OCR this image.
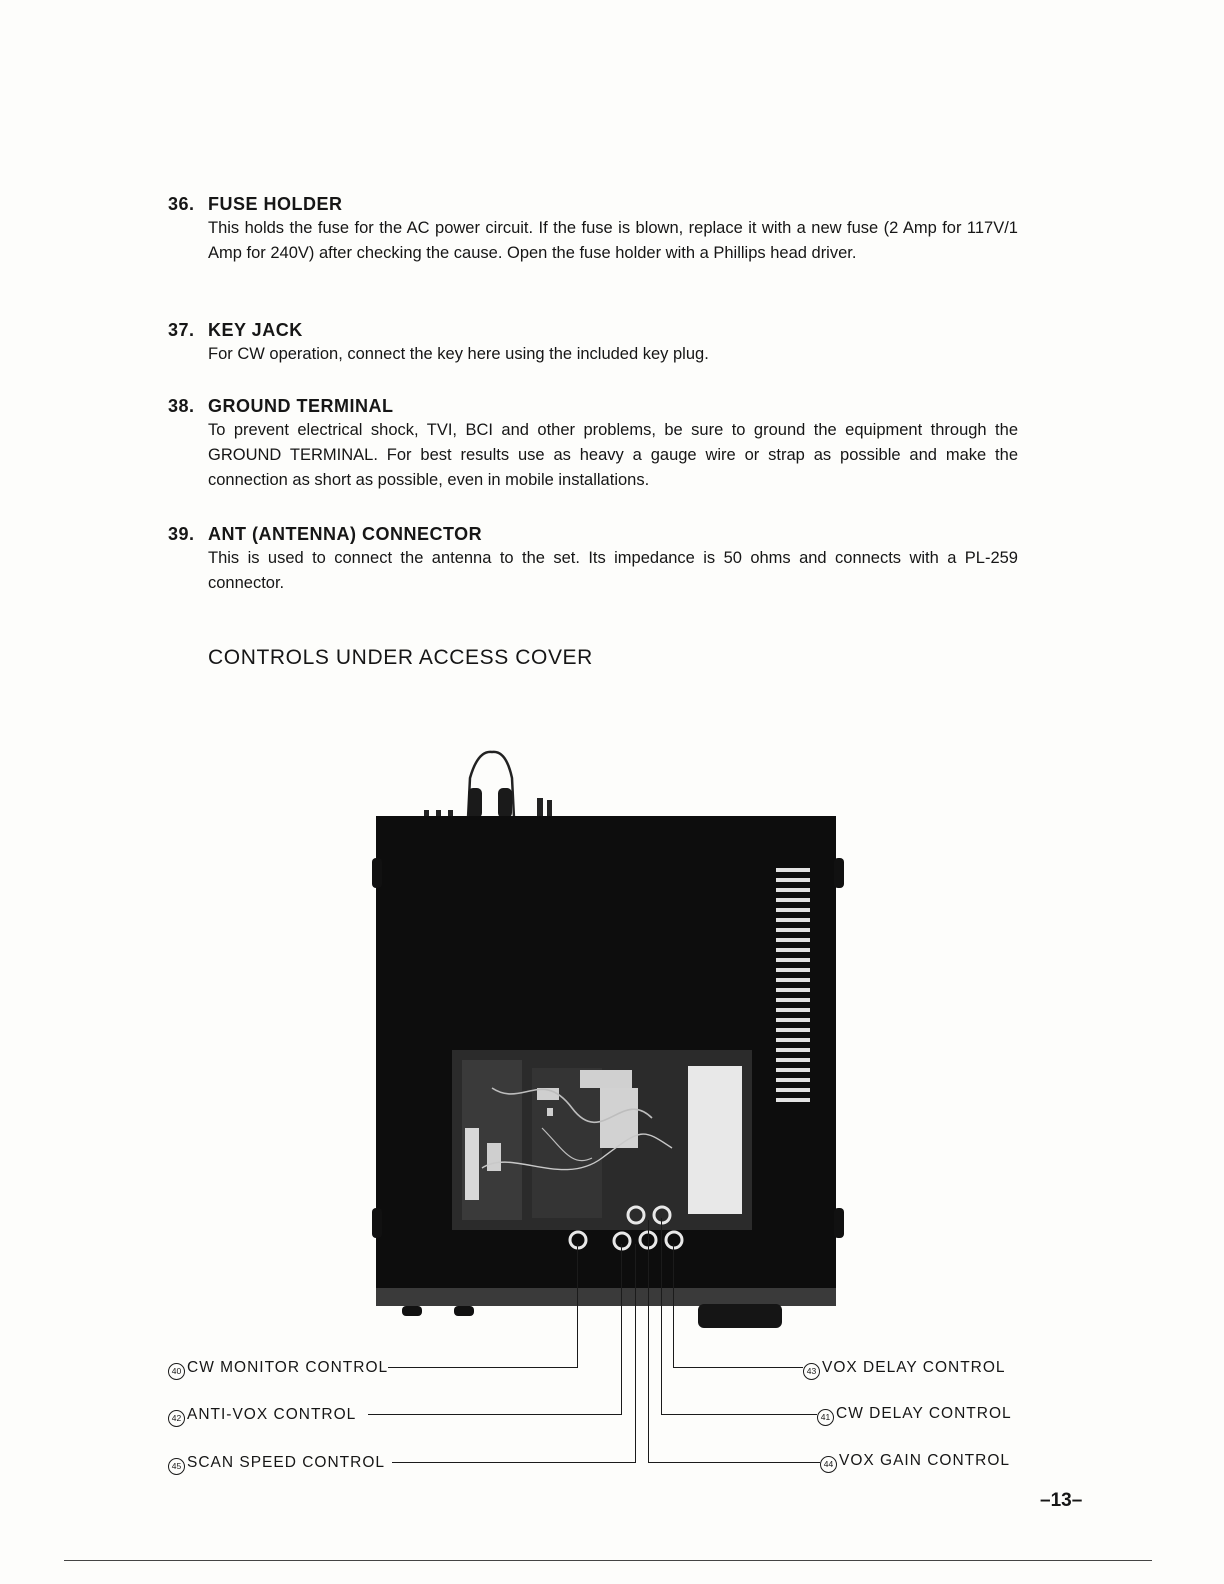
36. FUSE HOLDER
This holds the fuse for the AC power circuit. If the fuse is blown, replace it with a new fuse (2 Amp for 117V/1 Amp for 240V) after checking the cause. Open the fuse holder with a Phillips head driver.
37. KEY JACK
For CW operation, connect the key here using the included key plug.
38. GROUND TERMINAL
To prevent electrical shock, TVI, BCI and other problems, be sure to ground the equipment through the GROUND TERMINAL. For best results use as heavy a gauge wire or strap as possible and make the connection as short as possible, even in mobile installations.
39. ANT (ANTENNA) CONNECTOR
This is used to connect the antenna to the set. Its impedance is 50 ohms and connects with a PL-259 connector.
CONTROLS UNDER ACCESS COVER
40 CW MONITOR CONTROL
42 ANTI-VOX CONTROL
45 SCAN SPEED CONTROL
43 VOX DELAY CONTROL
41 CW DELAY CONTROL
44 VOX GAIN CONTROL
–13–
